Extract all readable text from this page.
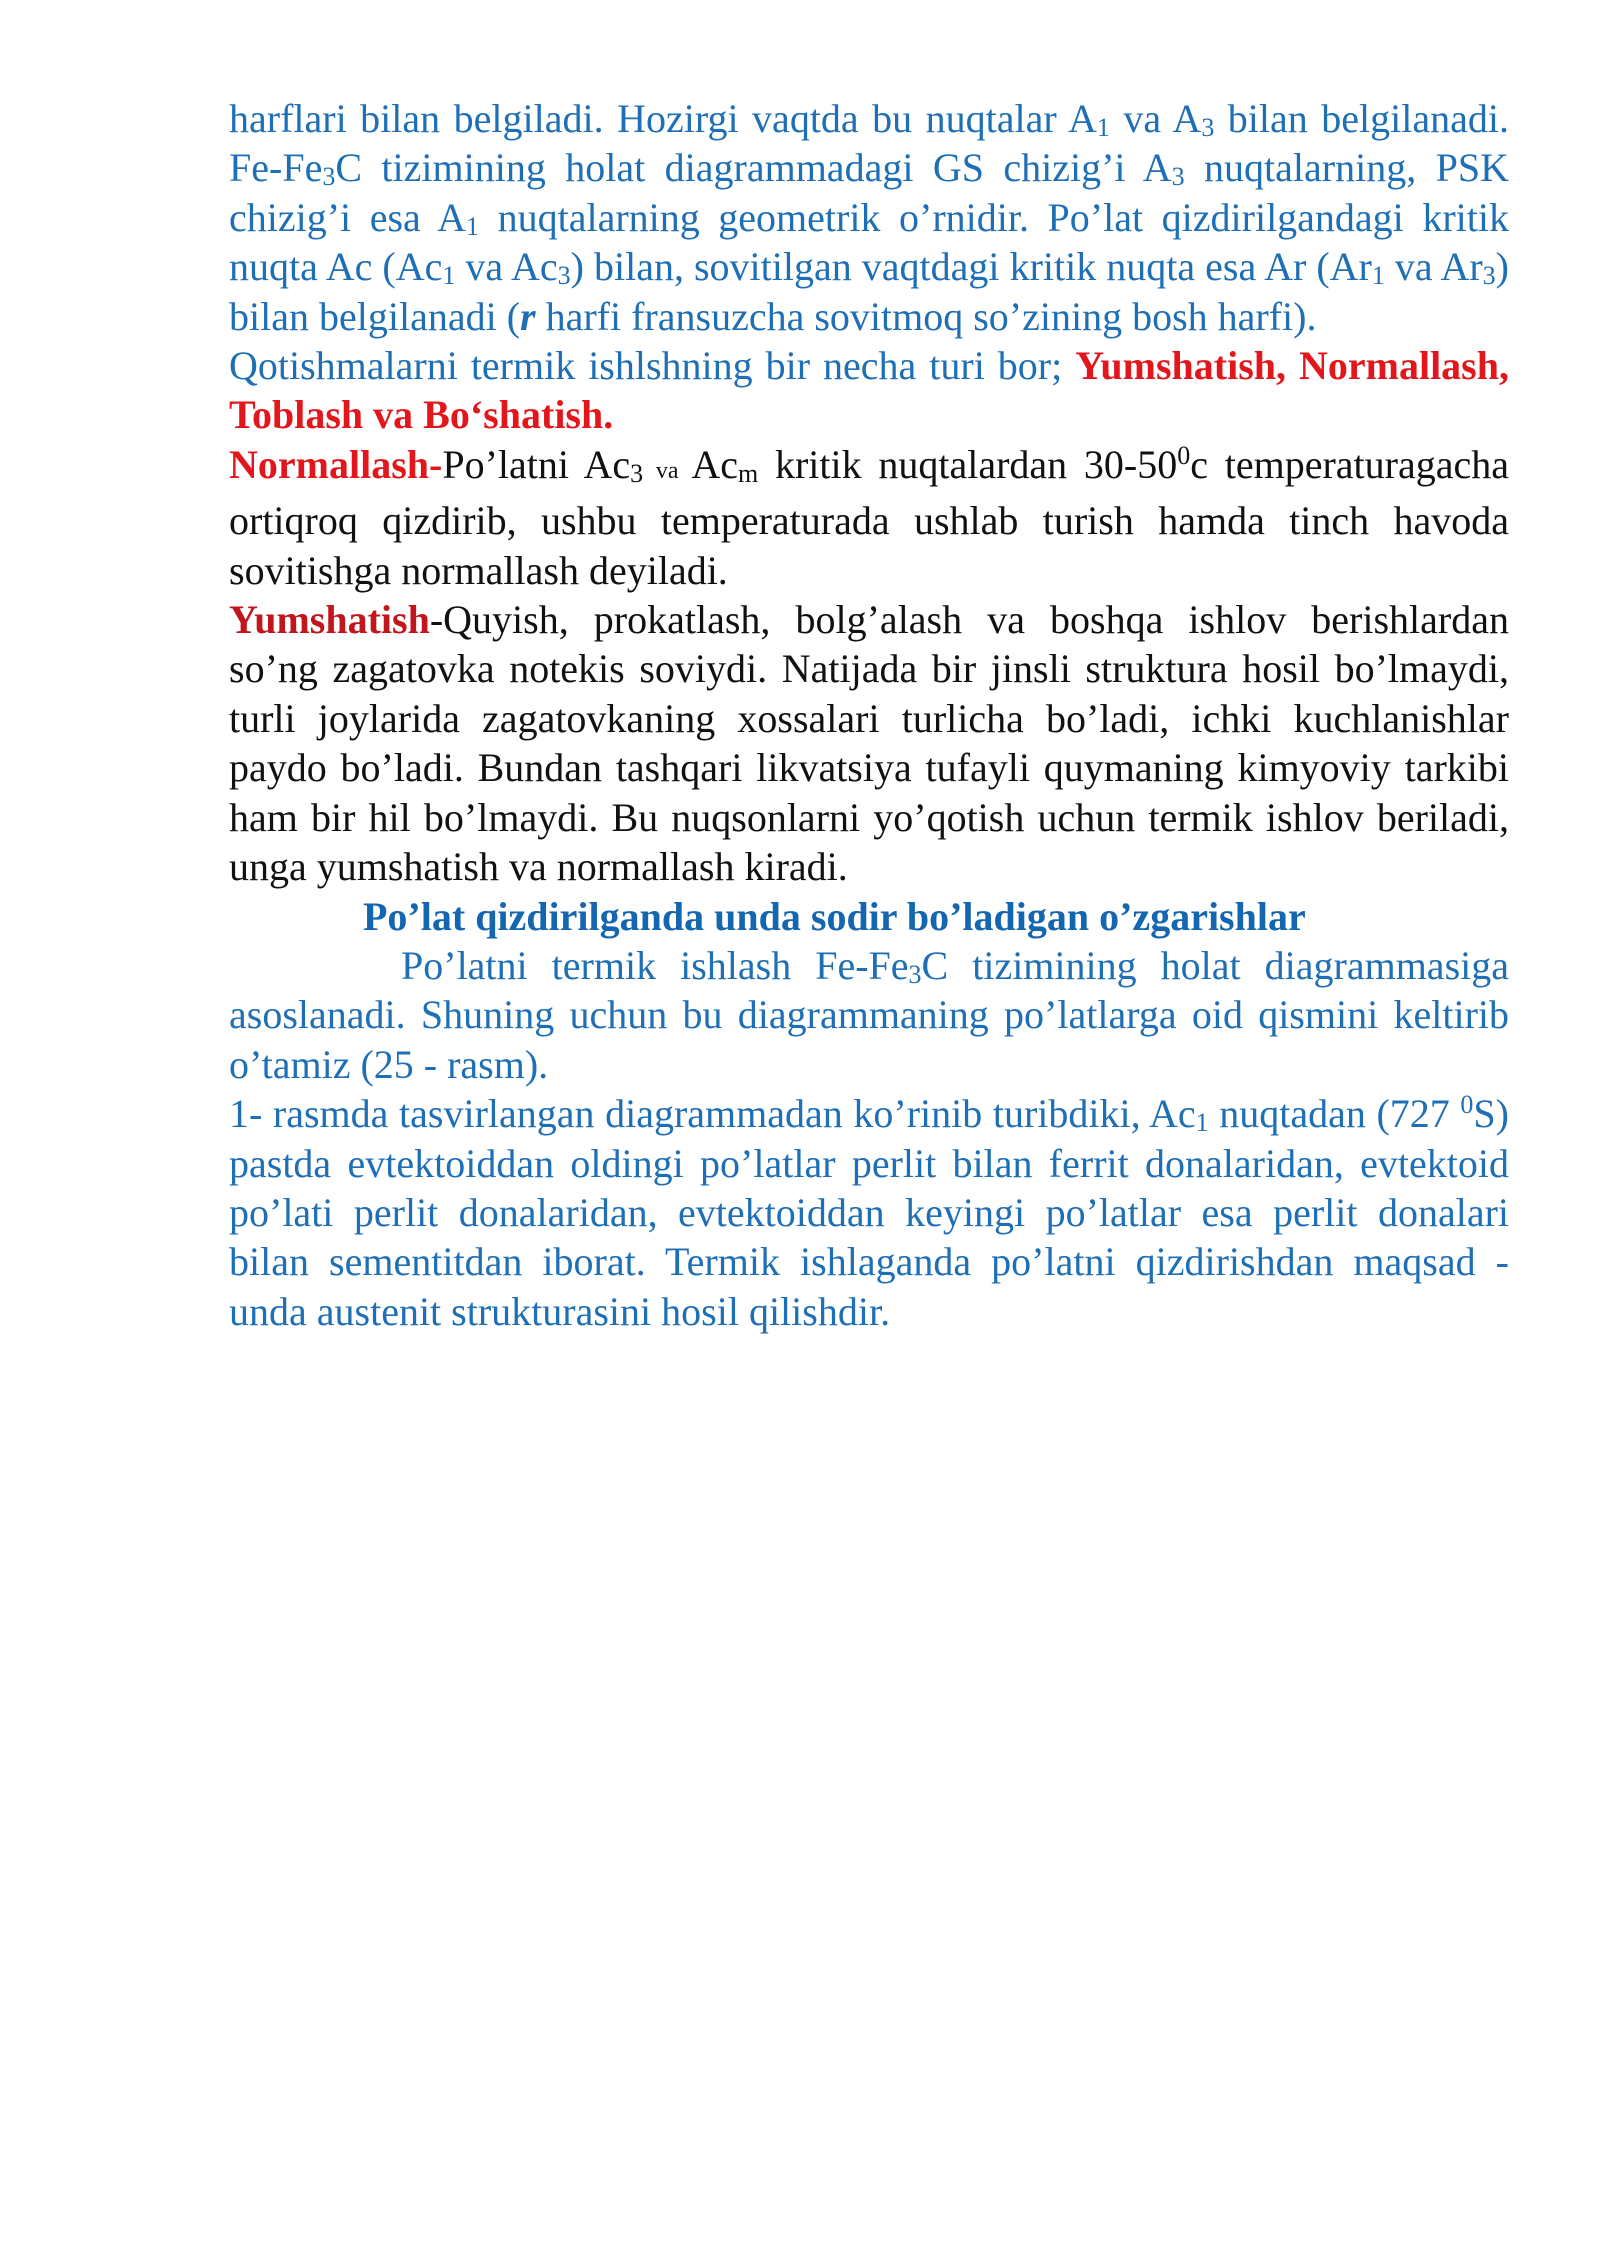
harflari bilan belgiladi. Hozirgi vaqtda bu nuqtalar $A_1$ va $A_3$ bilan belgilanadi. $Fe-Fe_3C$ tizimining holat diagrammadagi GS chizig’i $A_3$ nuqtalarning, PSK chizig’i esa $A_1$ nuqtalarning geometrik o’rnidir. Po’lat qizdirilgandagi kritik nuqta Ac ($Ac_1$ va $Ac_3$) bilan, sovitilgan vaqtdagi kritik nuqta esa Ar ($Ar_1$ va $Ar_3$) bilan belgilanadi (r harfi fransuzcha sovitmoq so’zining bosh harfi).

Qotishmalarni termik ishlshning bir necha turi bor; Yumshatish, Normallash, Toblash va Bo‘shatish.

Normallash-Po’latni $Ac_3$ va $Ac_m$ kritik nuqtalardan $30-50^0c$ temperaturagacha ortiqroq qizdirib, ushbu temperaturada ushlab turish hamda tinch havoda sovitishga normallash deyiladi.

Yumshatish-Quyish, prokatlash, bolg’alash va boshqa ishlov berishlardan so’ng zagatovka notekis soviydi. Natijada bir jinsli struktura hosil bo’lmaydi, turli joylarida zagatovkaning xossalari turlicha bo’ladi, ichki kuchlanishlar paydo bo’ladi. Bundan tashqari likvatsiya tufayli quymaning kimyoviy tarkibi ham bir hil bo’lmaydi. Bu nuqsonlarni yo’qotish uchun termik ishlov beriladi, unga yumshatish va normallash kiradi.

Po’lat qizdirilganda unda sodir bo’ladigan o’zgarishlar

Po’latni termik ishlash $Fe-Fe_3C$ tizimining holat diagrammasiga asoslanadi. Shuning uchun bu diagrammaning po’latlarga oid qismini keltirib o’tamiz (25 - rasm).

1- rasmda tasvirlangan diagrammadan ko’rinib turibdiki, $Ac_1$ nuqtadan (727 $^0$S) pastda evtektoiddan oldingi po’latlar perlit bilan ferrit donalaridan, evtektoid po’lati perlit donalaridan, evtektoiddan keyingi po’latlar esa perlit donalari bilan sementitdan iborat. Termik ishlaganda po’latni qizdirishdan maqsad - unda austenit strukturasini hosil qilishdir.
